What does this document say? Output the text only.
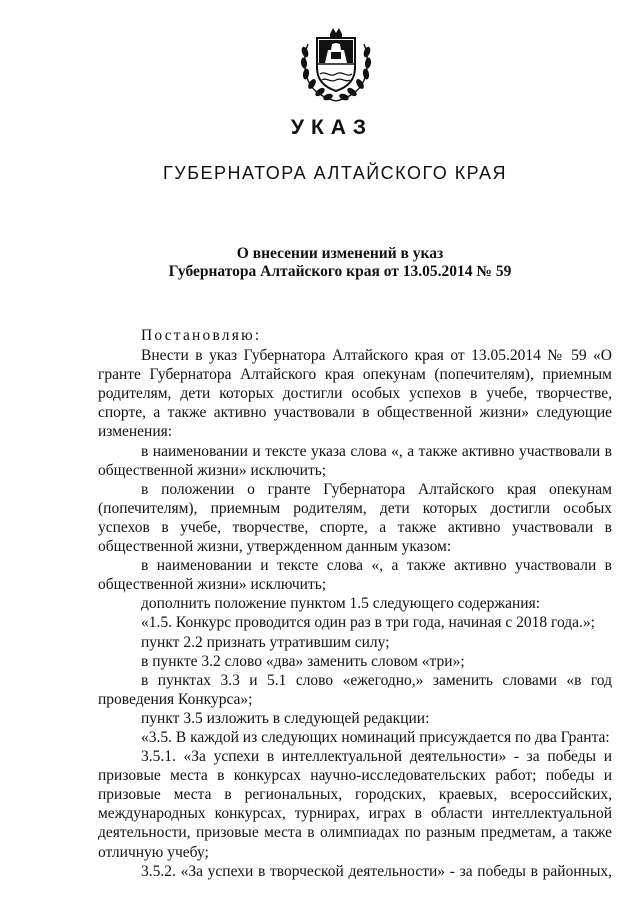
УКАЗ
ГУБЕРНАТОРА АЛТАЙСКОГО КРАЯ
О внесении изменений в указ
Губернатора Алтайского края от 13.05.2014 № 59
Постановляю:

Внести в указ Губернатора Алтайского края от 13.05.2014 № 59 «О гранте Губернатора Алтайского края опекунам (попечителям), приемным родителям, дети которых достигли особых успехов в учебе, творчестве, спорте, а также активно участвовали в общественной жизни» следующие изменения:

в наименовании и тексте указа слова «, а также активно участвовали в общественной жизни» исключить;

в положении о гранте Губернатора Алтайского края опекунам (попечителям), приемным родителям, дети которых достигли особых успехов в учебе, творчестве, спорте, а также активно участвовали в общественной жизни, утвержденном данным указом:

в наименовании и тексте слова «, а также активно участвовали в общественной жизни» исключить;

дополнить положение пунктом 1.5 следующего содержания:

«1.5. Конкурс проводится один раз в три года, начиная с 2018 года.»;

пункт 2.2 признать утратившим силу;

в пункте 3.2 слово «два» заменить словом «три»;

в пунктах 3.3 и 5.1 слово «ежегодно,» заменить словами «в год проведения Конкурса»;

пункт 3.5 изложить в следующей редакции:

«3.5. В каждой из следующих номинаций присуждается по два Гранта:

3.5.1. «За успехи в интеллектуальной деятельности» - за победы и призовые места в конкурсах научно-исследовательских работ; победы и призовые места в региональных, городских, краевых, всероссийских, международных конкурсах, турнирах, играх в области интеллектуальной деятельности, призовые места в олимпиадах по разным предметам, а также отличную учебу;

3.5.2. «За успехи в творческой деятельности» - за победы в районных,
